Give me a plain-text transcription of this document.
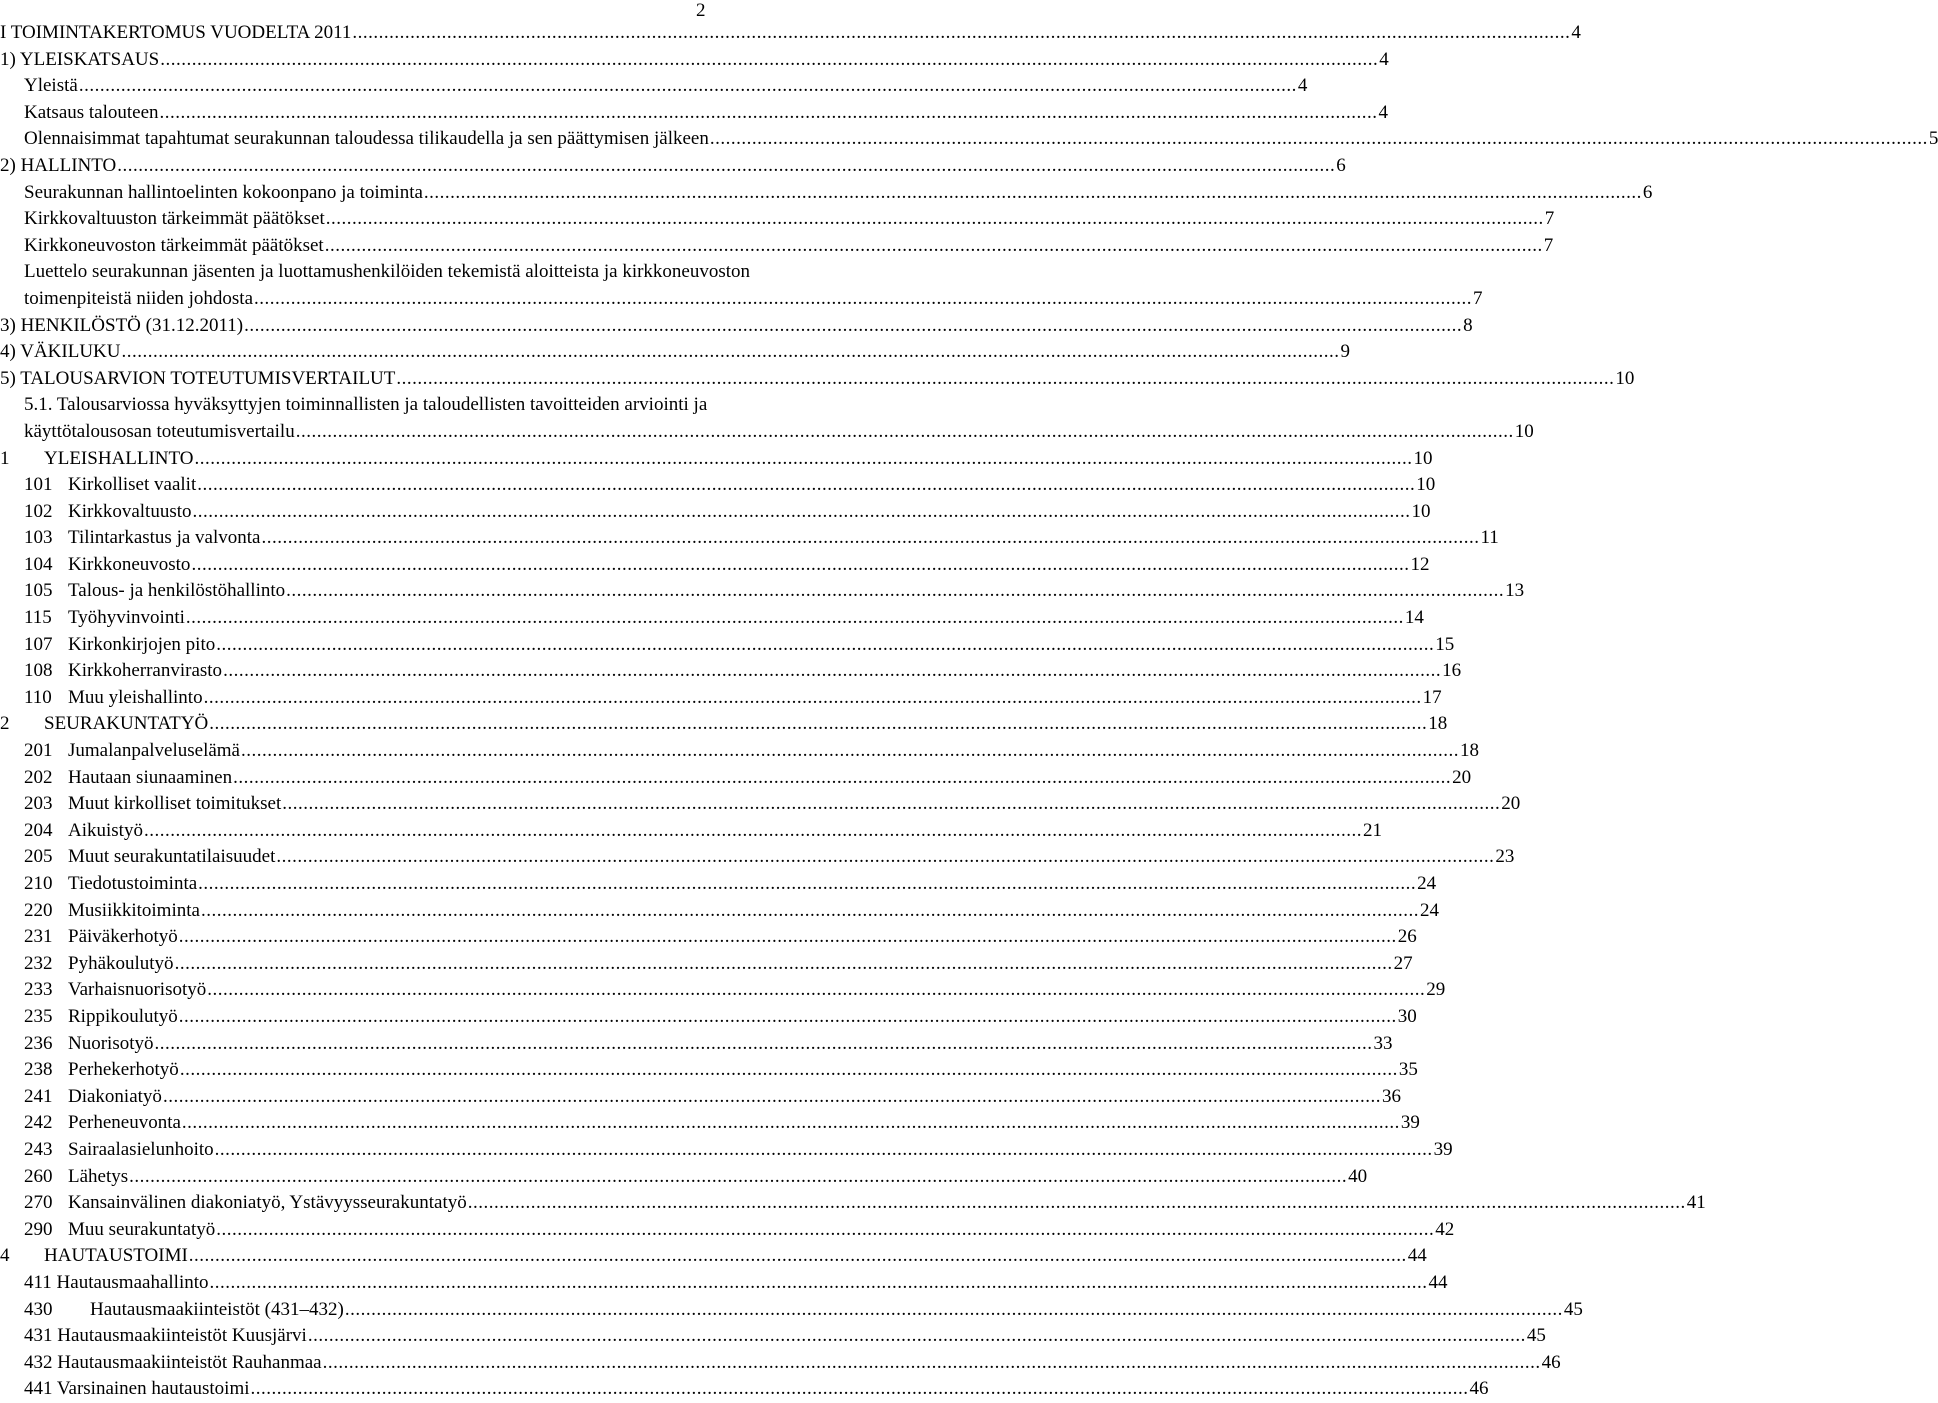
2
I TOIMINTAKERTOMUS VUODELTA 2011 .....	4
1) YLEISKATSAUS .....	4
Yleistä .....	4
Katsaus talouteen .....	4
Olennaisimmat tapahtumat seurakunnan taloudessa tilikaudella ja sen päättymisen jälkeen .....	5
2) HALLINTO .....	6
Seurakunnan hallintoelinten kokoonpano ja toiminta .....	6
Kirkkovaltuuston tärkeimmät päätökset .....	7
Kirkkoneuvoston tärkeimmät päätökset .....	7
Luettelo seurakunnan jäsenten ja luottamushenkilöiden tekemistä aloitteista ja kirkkoneuvoston
toimenpiteistä niiden johdosta .....	7
3) HENKILÖSTÖ (31.12.2011) .....	8
4) VÄKILUKU .....	9
5) TALOUSARVION TOTEUTUMISVERTAILUT .....	10
5.1. Talousarviossa hyväksyttyjen toiminnallisten ja taloudellisten tavoitteiden arviointi ja
käyttötalousosan toteutumisvertailu .....	10
1 YLEISHALLINTO .....	10
101 Kirkolliset vaalit .....	10
102 Kirkkovaltuusto .....	10
103 Tilintarkastus ja valvonta .....	11
104 Kirkkoneuvosto .....	12
105 Talous- ja henkilöstöhallinto .....	13
115 Työhyvinvointi .....	14
107 Kirkonkirjojen pito .....	15
108 Kirkkoherranvirasto .....	16
110 Muu yleishallinto .....	17
2 SEURAKUNTATYÖ .....	18
201 Jumalanpalveluselämä .....	18
202 Hautaan siunaaminen .....	20
203 Muut kirkolliset toimitukset .....	20
204 Aikuistyö .....	21
205 Muut seurakuntatilaisuudet .....	23
210 Tiedotustoiminta .....	24
220 Musiikkitoiminta .....	24
231 Päiväkerhotyö .....	26
232 Pyhäkoulutyö .....	27
233 Varhaisnuorisotyö .....	29
235 Rippikoulutyö .....	30
236 Nuorisotyö .....	33
238 Perhekerhotyö .....	35
241 Diakoniatyö .....	36
242 Perheneuvonta .....	39
243 Sairaalasielunhoito .....	39
260 Lähetys .....	40
270 Kansainvälinen diakoniatyö, Ystävyysseurakuntatyö .....	41
290 Muu seurakuntatyö .....	42
4 HAUTAUSTOIMI .....	44
411 Hautausmaahallinto .....	44
430 Hautausmaakiinteistöt (431–432) .....	45
431 Hautausmaakiinteistöt Kuusjärvi .....	45
432 Hautausmaakiinteistöt Rauhanmaa .....	46
441 Varsinainen hautaustoimi .....	46
